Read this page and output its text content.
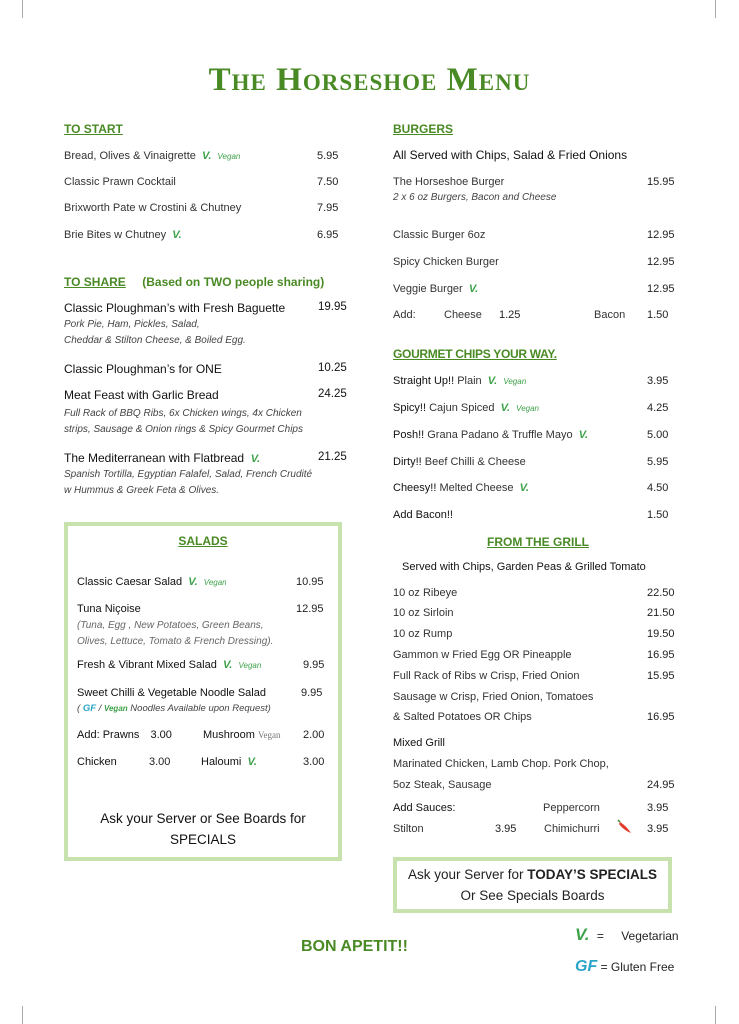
The Horseshoe Menu
TO START
Bread, Olives & Vinaigrette V. Vegan	5.95
Classic Prawn Cocktail	7.50
Brixworth Pate w Crostini & Chutney	7.95
Brie Bites w Chutney V.	6.95
TO SHARE (Based on TWO people sharing)
Classic Ploughman’s with Fresh Baguette	19.95
Pork Pie, Ham, Pickles, Salad,
Cheddar & Stilton Cheese, & Boiled Egg.
Classic Ploughman’s for ONE	10.25
Meat Feast with Garlic Bread	24.25
Full Rack of BBQ Ribs, 6x Chicken wings, 4x Chicken
strips, Sausage & Onion rings & Spicy Gourmet Chips
The Mediterranean with Flatbread V.	21.25
Spanish Tortilla, Egyptian Falafel, Salad, French Crudité
w Hummus & Greek Feta & Olives.
SALADS
Classic Caesar Salad V. Vegan	10.95
Tuna Niçoise	12.95
(Tuna, Egg , New Potatoes, Green Beans,
Olives, Lettuce, Tomato & French Dressing).
Fresh & Vibrant Mixed Salad V. Vegan	9.95
Sweet Chilli & Vegetable Noodle Salad	9.95
( GF / Vegan Noodles Available upon Request)
Add: Prawns 3.00	Mushroom Vegan 2.00
Chicken	3.00	Haloumi V.	3.00
Ask your Server or See Boards for
SPECIALS
BON APETIT!!
BURGERS
All Served with Chips, Salad & Fried Onions
The Horseshoe Burger	15.95
2 x 6 oz Burgers, Bacon and Cheese
Classic Burger 6oz	12.95
Spicy Chicken Burger	12.95
Veggie Burger V.	12.95
Add:	Cheese 1.25	Bacon 1.50
GOURMET CHIPS YOUR WAY.
Straight Up!! Plain V. Vegan	3.95
Spicy!! Cajun Spiced V. Vegan	4.25
Posh!! Grana Padano & Truffle Mayo V.	5.00
Dirty!! Beef Chilli & Cheese	5.95
Cheesy!! Melted Cheese V.	4.50
Add Bacon!!	1.50
FROM THE GRILL
Served with Chips, Garden Peas & Grilled Tomato
10 oz Ribeye	22.50
10 oz Sirloin	21.50
10 oz Rump	19.50
Gammon w Fried Egg OR Pineapple	16.95
Full Rack of Ribs w Crisp, Fried Onion	15.95
Sausage w Crisp, Fried Onion, Tomatoes
& Salted Potatoes OR Chips	16.95
Mixed Grill
Marinated Chicken, Lamb Chop. Pork Chop,
5oz Steak, Sausage	24.95
Add Sauces:	Peppercorn	3.95
Stilton	3.95	Chimichurri	3.95
Ask your Server for TODAY’S SPECIALS
Or See Specials Boards
V. = Vegetarian
GF = Gluten Free
